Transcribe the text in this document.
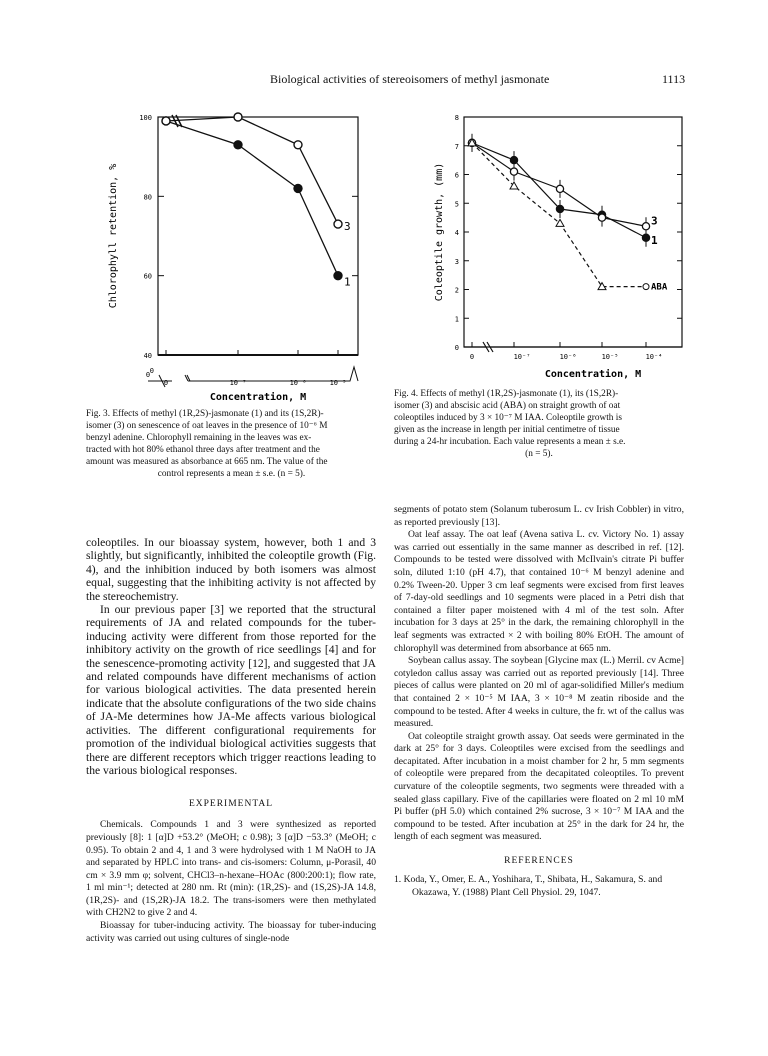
Biological activities of stereoisomers of methyl jasmonate	1113
100
80
60
40
0
0	10⁻⁷	10⁻⁶	10⁻⁵
0
Concentration, M
Chlorophyll retention, %	1
3
Fig. 3. Effects of methyl (1R,2S)-jasmonate (1) and its (1S,2R)-
isomer (3) on senescence of oat leaves in the presence of 10⁻⁶ M
benzyl adenine. Chlorophyll remaining in the leaves was ex-
tracted with hot 80% ethanol three days after treatment and the
amount was measured as absorbance at 665 nm. The value of the
control represents a mean ± s.e. (n = 5).
1
2
3
4
5
6
7
8
0
0	10⁻⁷	10⁻⁶	10⁻⁵	10⁻⁴
Concentration, M
Coleoptile growth, (mm)	1
3
ABA
Fig. 4. Effects of methyl (1R,2S)-jasmonate (1), its (1S,2R)-
isomer (3) and abscisic acid (ABA) on straight growth of oat
coleoptiles induced by 3 × 10⁻⁷ M IAA. Coleoptile growth is
given as the increase in length per initial centimetre of tissue
during a 24-hr incubation. Each value represents a mean ± s.e.
(n = 5).
coleoptiles. In our bioassay system, however, both 1 and 3 slightly, but significantly, inhibited the coleoptile growth (Fig. 4), and the inhibition induced by both isomers was almost equal, suggesting that the inhibiting activity is not affected by the stereochemistry.
In our previous paper [3] we reported that the structural requirements of JA and related compounds for the tuber-inducing activity were different from those reported for the inhibitory activity on the growth of rice seedlings [4] and for the senescence-promoting activity [12], and suggested that JA and related compounds have different mechanisms of action for various biological activities. The data presented herein indicate that the absolute configurations of the two side chains of JA-Me determines how JA-Me affects various biological activities. The different configurational requirements for promotion of the individual biological activities suggests that there are different receptors which trigger reactions leading to the various biological responses.
EXPERIMENTAL
Chemicals. Compounds 1 and 3 were synthesized as reported previously [8]: 1 [α]D +53.2° (MeOH; c 0.98); 3 [α]D −53.3° (MeOH; c 0.95). To obtain 2 and 4, 1 and 3 were hydrolysed with 1 M NaOH to JA and separated by HPLC into trans- and cis-isomers: Column, μ-Porasil, 40 cm × 3.9 mm φ; solvent, CHCl3–n-hexane–HOAc (800:200:1); flow rate, 1 ml min⁻¹; detected at 280 nm. Rt (min): (1R,2S)- and (1S,2S)-JA 14.8, (1R,2S)- and (1S,2R)-JA 18.2. The trans-isomers were then methylated with CH2N2 to give 2 and 4.
Bioassay for tuber-inducing activity. The bioassay for tuber-inducing activity was carried out using cultures of single-node
segments of potato stem (Solanum tuberosum L. cv Irish Cobbler) in vitro, as reported previously [13].
Oat leaf assay. The oat leaf (Avena sativa L. cv. Victory No. 1) assay was carried out essentially in the same manner as described in ref. [12]. Compounds to be tested were dissolved with McIlvain's citrate Pi buffer soln, diluted 1:10 (pH 4.7), that contained 10⁻⁶ M benzyl adenine and 0.2% Tween-20. Upper 3 cm leaf segments were excised from first leaves of 7-day-old seedlings and 10 segments were placed in a Petri dish that contained a filter paper moistened with 4 ml of the test soln. After incubation for 3 days at 25° in the dark, the remaining chlorophyll in the leaf segments was extracted × 2 with boiling 80% EtOH. The amount of chlorophyll was determined from absorbance at 665 nm.
Soybean callus assay. The soybean [Glycine max (L.) Merril. cv Acme] cotyledon callus assay was carried out as reported previously [14]. Three pieces of callus were planted on 20 ml of agar-solidified Miller's medium that contained 2 × 10⁻⁵ M IAA, 3 × 10⁻⁸ M zeatin riboside and the compound to be tested. After 4 weeks in culture, the fr. wt of the callus was measured.
Oat coleoptile straight growth assay. Oat seeds were germinated in the dark at 25° for 3 days. Coleoptiles were excised from the seedlings and decapitated. After incubation in a moist chamber for 2 hr, 5 mm segments of coleoptile were prepared from the decapitated coleoptiles. To prevent curvature of the coleoptile segments, two segments were threaded with a sealed glass capillary. Five of the capillaries were floated on 2 ml 10 mM Pi buffer (pH 5.0) which contained 2% sucrose, 3 × 10⁻⁷ M IAA and the compound to be tested. After incubation at 25° in the dark for 24 hr, the length of each segment was measured.
REFERENCES
1. Koda, Y., Omer, E. A., Yoshihara, T., Shibata, H., Sakamura, S. and Okazawa, Y. (1988) Plant Cell Physiol. 29, 1047.
